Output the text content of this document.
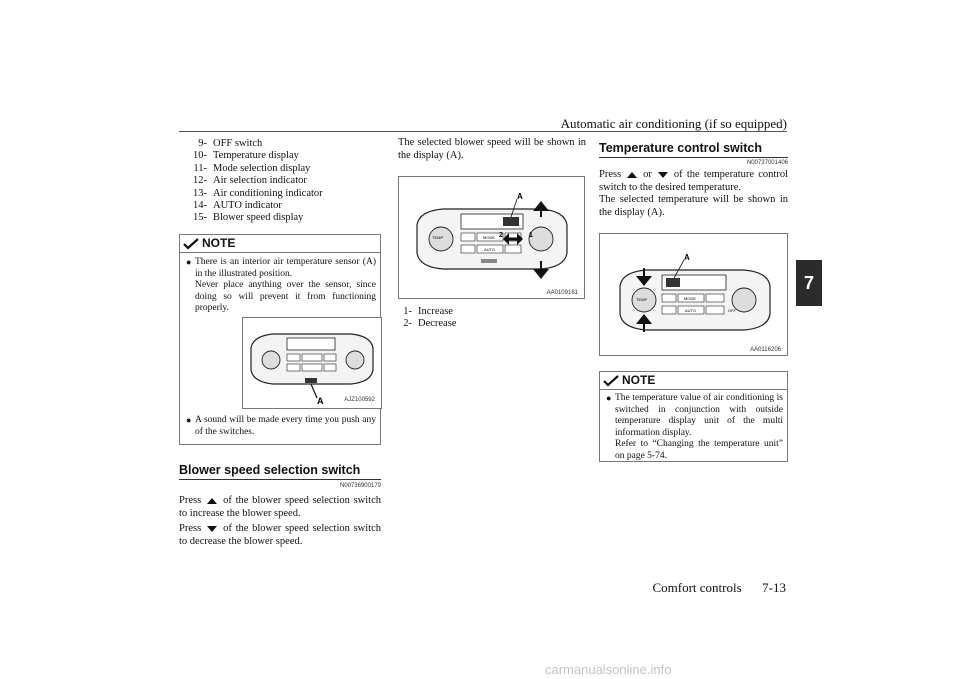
Automatic air conditioning (if so equipped)
7
9- OFF switch
10- Temperature display
11- Mode selection display
12- Air selection indicator
13- Air conditioning indicator
14- AUTO indicator
15- Blower speed display
NOTE
● There is an interior air temperature sensor (A) in the illustrated position.
Never place anything over the sensor, since doing so will prevent it from functioning properly.
A	AJZ100592
● A sound will be made every time you push any of the switches.
Blower speed selection switch
N00736900179
Press of the blower speed selection switch to increase the blower speed.
Press of the blower speed selection switch to decrease the blower speed.
The selected blower speed will be shown in the display (A).
TEMP	MODE
AUTO
A
2	1
AA0109161
1- Increase
2- Decrease
Temperature control switch
N00737001406
Press or of the temperature control switch to the desired temperature.
The selected temperature will be shown in the display (A).
TEMP	MODE
AUTO	OFF
A
AA0116206
NOTE
● The temperature value of air conditioning is switched in conjunction with outside temperature display unit of the multi information display.
Refer to “Changing the temperature unit” on page 5-74.
Comfort controls 7-13
carmanualsonline.info
